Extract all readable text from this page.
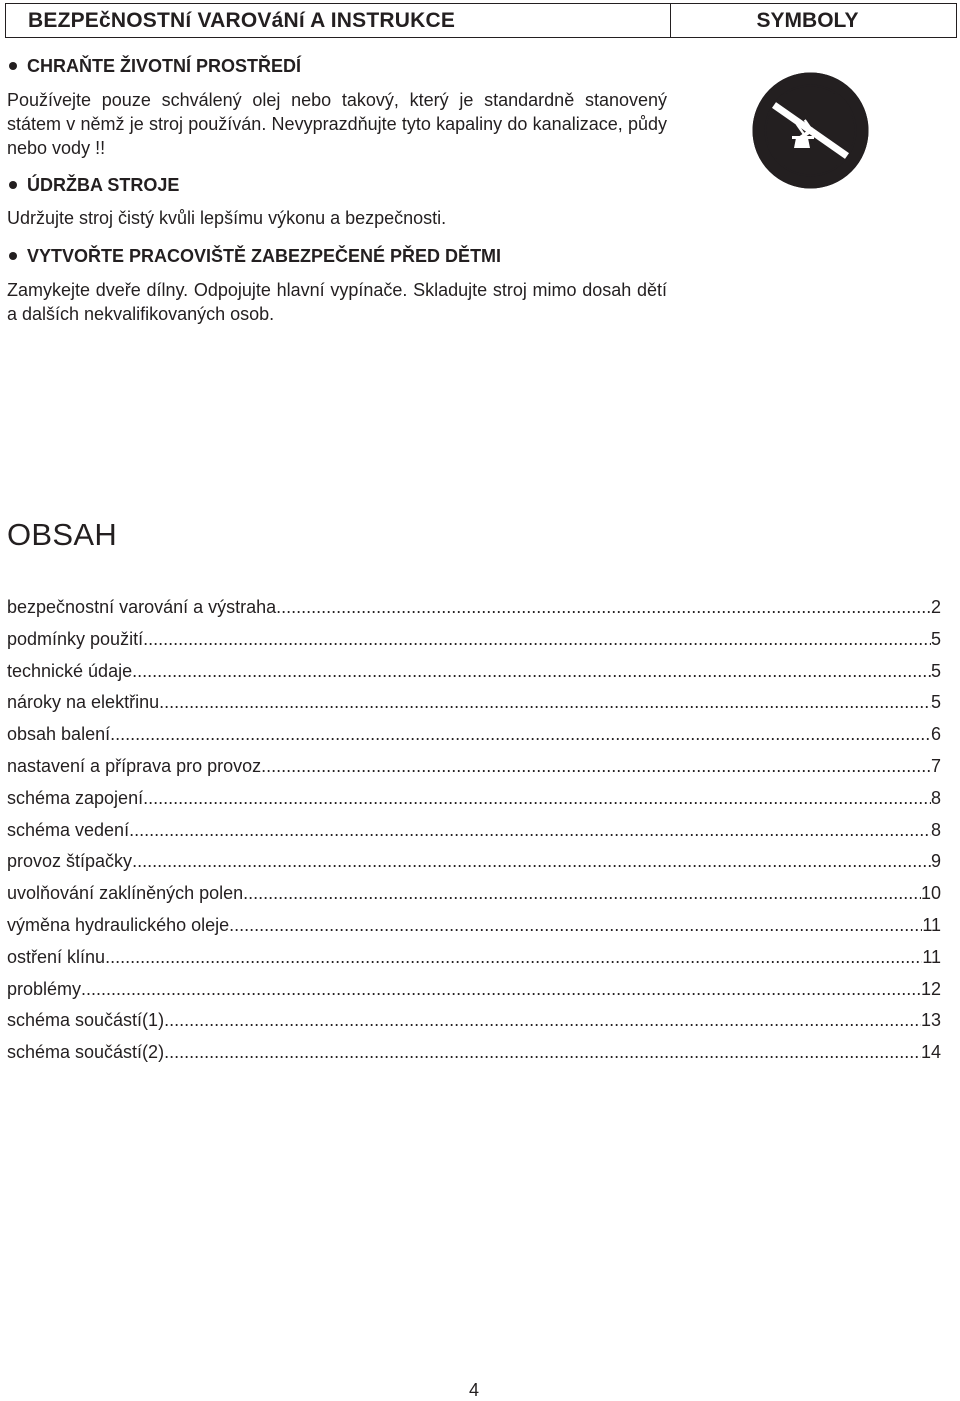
BEZPEčNOSTNí VAROVáNí A INSTRUKCE	SYMBOLY

CHRAŇTE ŽIVOTNÍ PROSTŘEDÍ

Používejte pouze schválený olej nebo takový, který je standardně stanovený státem v němž je stroj používán. Nevyprazdňujte tyto kapaliny do kanalizace, půdy nebo vody !!

ÚDRŽBA STROJE

Udržujte stroj čistý kvůli lepšímu výkonu a bezpečnosti.

VYTVOŘTE PRACOVIŠTĚ ZABEZPEČENÉ PŘED DĚTMI

Zamykejte dveře dílny. Odpojujte hlavní vypínače. Skladujte stroj mimo dosah dětí a dalších nekvalifikovaných osob.

OBSAH
bezpečnostní varování a výstraha .....	2
podmínky použití .....	5
technické údaje .....	5
nároky na elektřinu .....	5
obsah balení .....	6
nastavení a příprava pro provoz .....	7
schéma zapojení .....	8
schéma vedení .....	8
provoz štípačky .....	9
uvolňování zaklíněných polen .....	10
výměna hydraulického oleje .....	11
ostření klínu .....	11
problémy .....	12
schéma součástí(1) .....	13
schéma součástí(2) .....	14
4
